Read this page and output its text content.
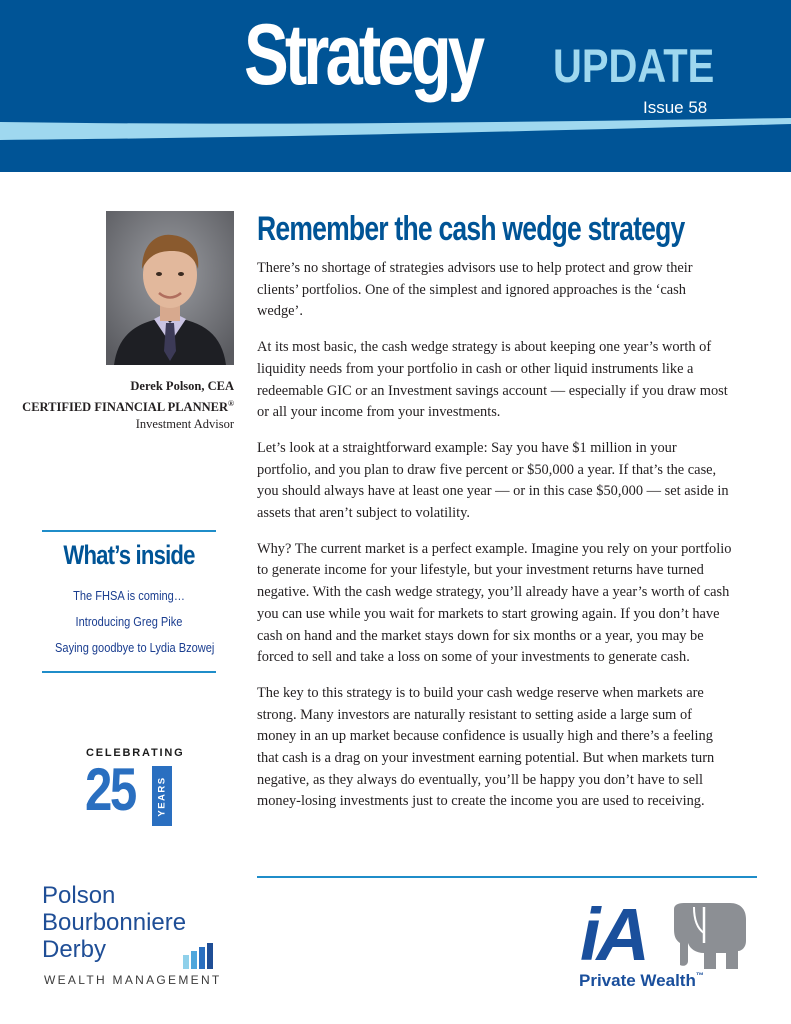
Strategy UPDATE
Issue 58
Derek Polson, CEA
CERTIFIED FINANCIAL PLANNER®
Investment Advisor
What’s inside
The FHSA is coming…
Introducing Greg Pike
Saying goodbye to Lydia Bzowej
CELEBRATING
25 YEARS
Polson
Bourbonniere
Derby
WEALTH MANAGEMENT
Remember the cash wedge strategy

There’s no shortage of strategies advisors use to help protect and grow their clients’ portfolios. One of the simplest and ignored approaches is the ‘cash wedge’.

At its most basic, the cash wedge strategy is about keeping one year’s worth of liquidity needs from your portfolio in cash or other liquid instruments like a redeemable GIC or an Investment savings account — especially if you draw most or all your income from your investments.

Let’s look at a straightforward example: Say you have $1 million in your portfolio, and you plan to draw five percent or $50,000 a year. If that’s the case, you should always have at least one year — or in this case $50,000 — set aside in assets that aren’t subject to volatility.

Why? The current market is a perfect example. Imagine you rely on your portfolio to generate income for your lifestyle, but your investment returns have turned negative. With the cash wedge strategy, you’ll already have a year’s worth of cash you can use while you wait for markets to start growing again. If you don’t have cash on hand and the market stays down for six months or a year, you may be forced to sell and take a loss on some of your investments to generate cash.

The key to this strategy is to build your cash wedge reserve when markets are strong. Many investors are naturally resistant to setting aside a large sum of money in an up market because confidence is usually high and there’s a feeling that cash is a drag on your investment earning potential. But when markets turn negative, as they always do eventually, you’ll be happy you don’t have to sell money-losing investments just to create the income you are used to receiving.

iA
Private Wealth™
